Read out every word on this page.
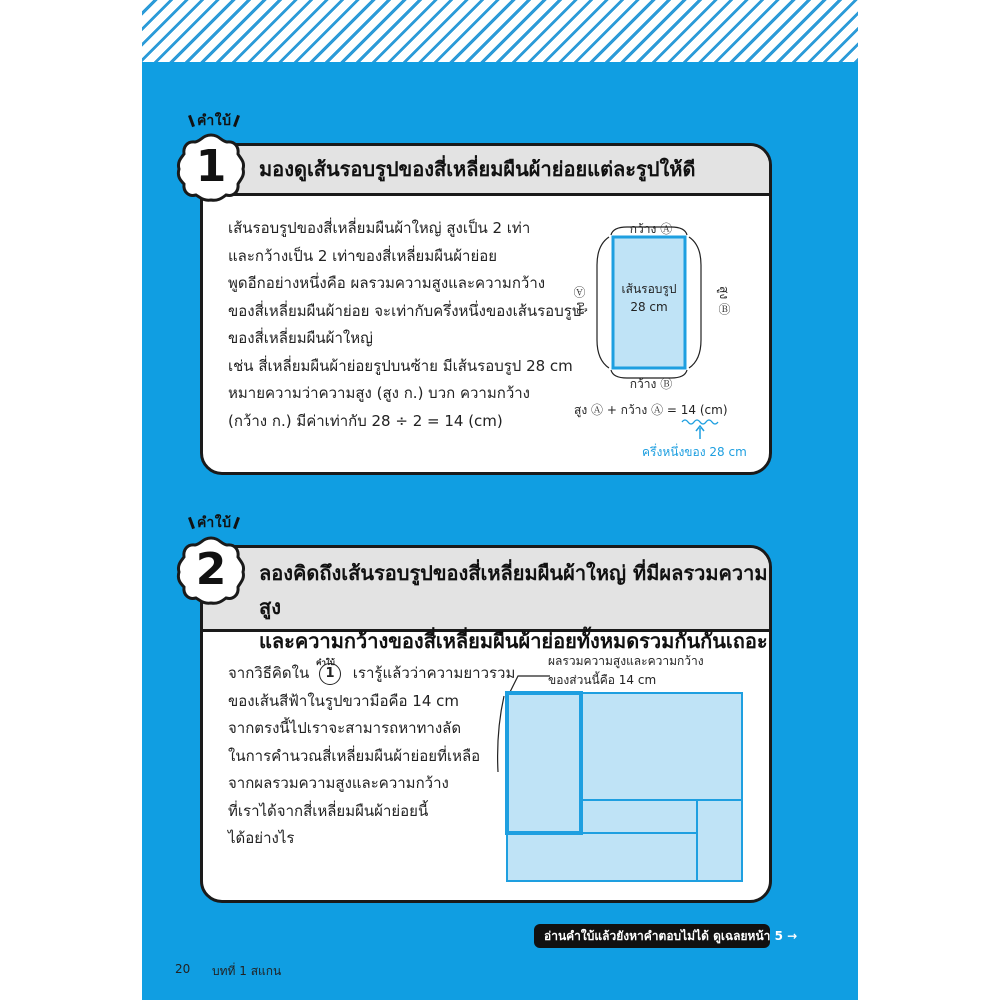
คำใบ้
มองดูเส้นรอบรูปของสี่เหลี่ยมผืนผ้าย่อยแต่ละรูปให้ดี
1
เส้นรอบรูปของสี่เหลี่ยมผืนผ้าใหญ่ สูงเป็น 2 เท่า
และกว้างเป็น 2 เท่าของสี่เหลี่ยมผืนผ้าย่อย
พูดอีกอย่างหนึ่งคือ ผลรวมความสูงและความกว้าง
ของสี่เหลี่ยมผืนผ้าย่อย จะเท่ากับครึ่งหนึ่งของเส้นรอบรูป
ของสี่เหลี่ยมผืนผ้าใหญ่
เช่น สี่เหลี่ยมผืนผ้าย่อยรูปบนซ้าย มีเส้นรอบรูป 28 cm
หมายความว่าความสูง (สูง ก.) บวก ความกว้าง
(กว้าง ก.) มีค่าเท่ากับ 28 ÷ 2 = 14 (cm)
กว้าง Ⓐ
กว้าง Ⓑ
สูง Ⓐ	สูง Ⓑ
เส้นรอบรูป
28 cm
สูง Ⓐ + กว้าง Ⓐ = 14 (cm)
ครึ่งหนึ่งของ 28 cm
คำใบ้
ลองคิดถึงเส้นรอบรูปของสี่เหลี่ยมผืนผ้าใหญ่ ที่มีผลรวมความสูง
และความกว้างของสี่เหลี่ยมผืนผ้าย่อยทั้งหมดรวมกันกันเถอะ
2
จากวิธีคิดใน
คำใบ้
1	เรารู้แล้วว่าความยาวรวม
ของเส้นสีฟ้าในรูปขวามือคือ 14 cm
จากตรงนี้ไปเราจะสามารถหาทางลัด
ในการคำนวณสี่เหลี่ยมผืนผ้าย่อยที่เหลือ
จากผลรวมความสูงและความกว้าง
ที่เราได้จากสี่เหลี่ยมผืนผ้าย่อยนี้
ได้อย่างไร
ผลรวมความสูงและความกว้าง
ของส่วนนี้คือ 14 cm
อ่านคำใบ้แล้วยังหาคำตอบไม่ได้ ดูเฉลยหน้า 5 →
20 บทที่ 1 สแกน
